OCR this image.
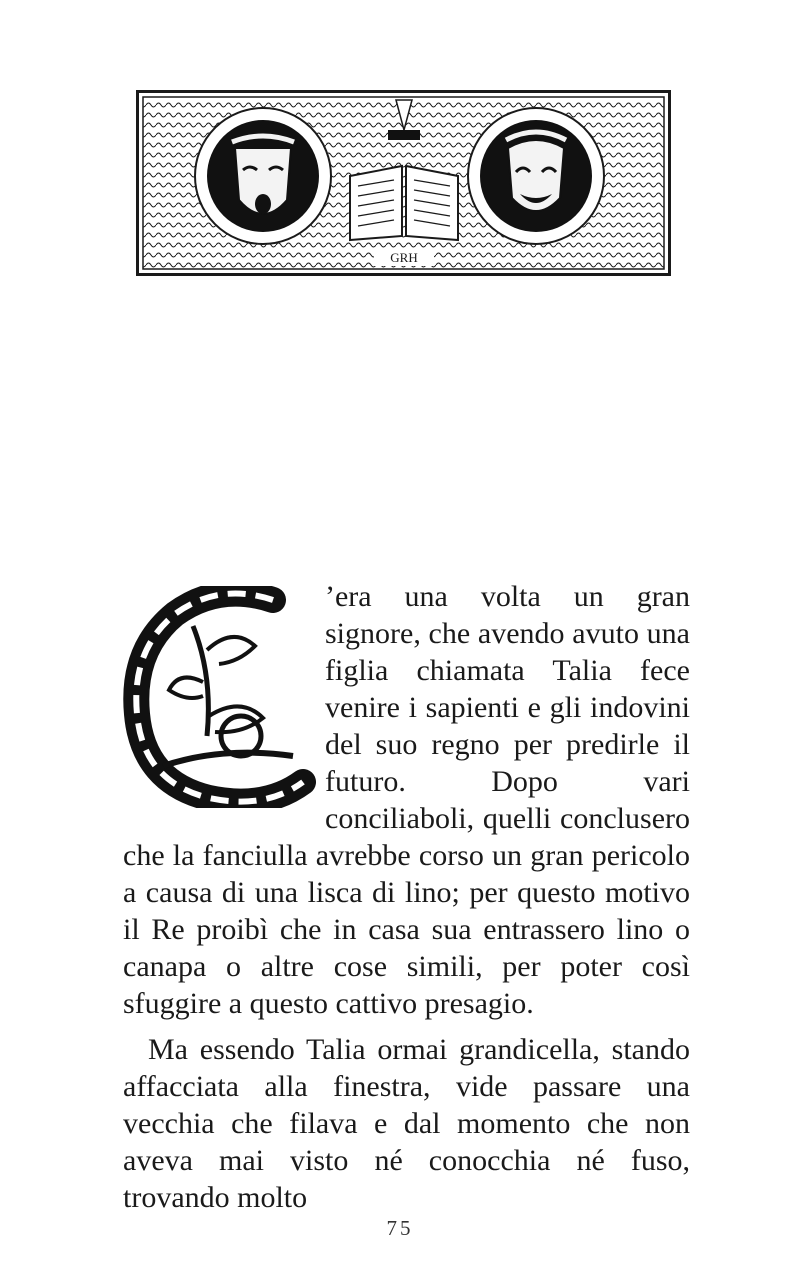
GRH

’era una volta un gran signore, che avendo avuto una figlia chiamata Talia fece venire i sapienti e gli indovini del suo regno per predirle il futuro. Dopo vari conciliaboli, quelli conclusero che la fanciulla avrebbe corso un gran pericolo a causa di una lisca di lino; per questo motivo il Re proibì che in casa sua entrassero lino o canapa o altre cose simili, per poter così sfuggire a questo cattivo presagio.

Ma essendo Talia ormai grandicella, stando affacciata alla finestra, vide passare una vecchia che filava e dal momento che non aveva mai visto né conocchia né fuso, trovando molto

75
